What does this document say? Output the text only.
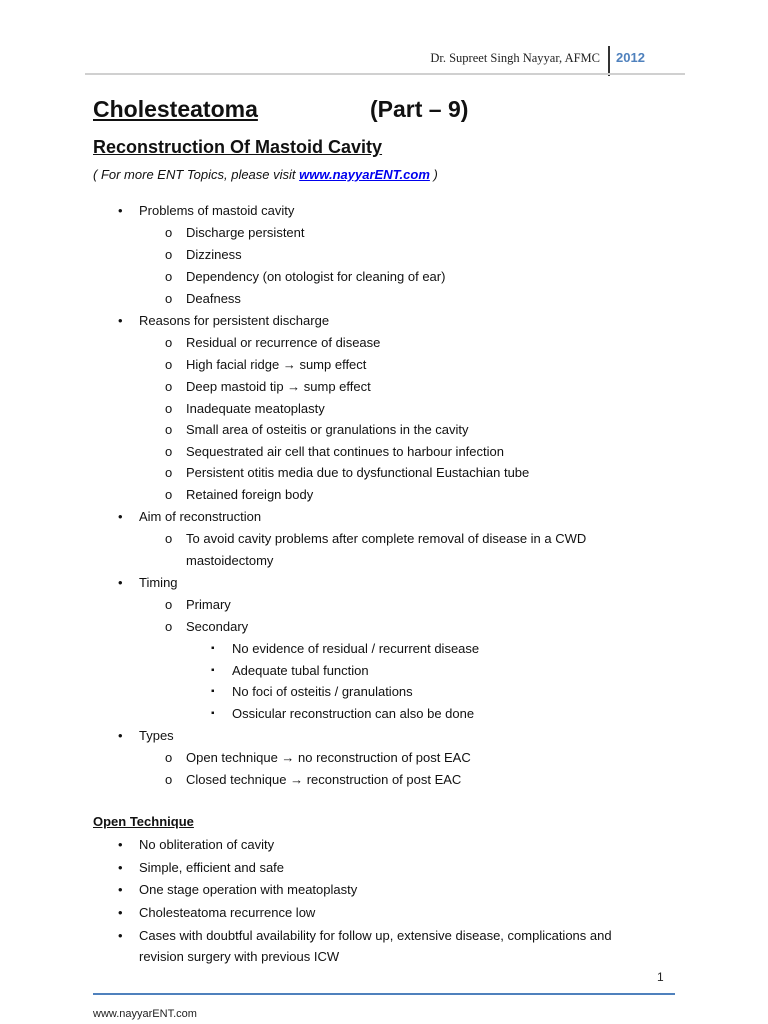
Dr. Supreet Singh Nayyar, AFMC 2012
Cholesteatoma	(Part – 9)
Reconstruction Of Mastoid Cavity
( For more ENT Topics, please visit www.nayyarENT.com )
•	Problems of mastoid cavity
o Discharge persistent
o Dizziness
o Dependency (on otologist for cleaning of ear)
o Deafness
•	Reasons for persistent discharge
o Residual or recurrence of disease
o High facial ridge → sump effect
o Deep mastoid tip → sump effect
o Inadequate meatoplasty
o Small area of osteitis or granulations in the cavity
o Sequestrated air cell that continues to harbour infection
o Persistent otitis media due to dysfunctional Eustachian tube
o Retained foreign body
•	Aim of reconstruction
o To avoid cavity problems after complete removal of disease in a CWD
mastoidectomy
•	Timing
o Primary
o Secondary
▪	No evidence of residual / recurrent disease
▪	Adequate tubal function
▪	No foci of osteitis / granulations
▪	Ossicular reconstruction can also be done
•	Types
o Open technique → no reconstruction of post EAC
o Closed technique → reconstruction of post EAC
Open Technique
•	No obliteration of cavity
•	Simple, efficient and safe
•	One stage operation with meatoplasty
•	Cholesteatoma recurrence low
•	Cases with doubtful availability for follow up, extensive disease, complications and
revision surgery with previous ICW
1
www.nayyarENT.com
